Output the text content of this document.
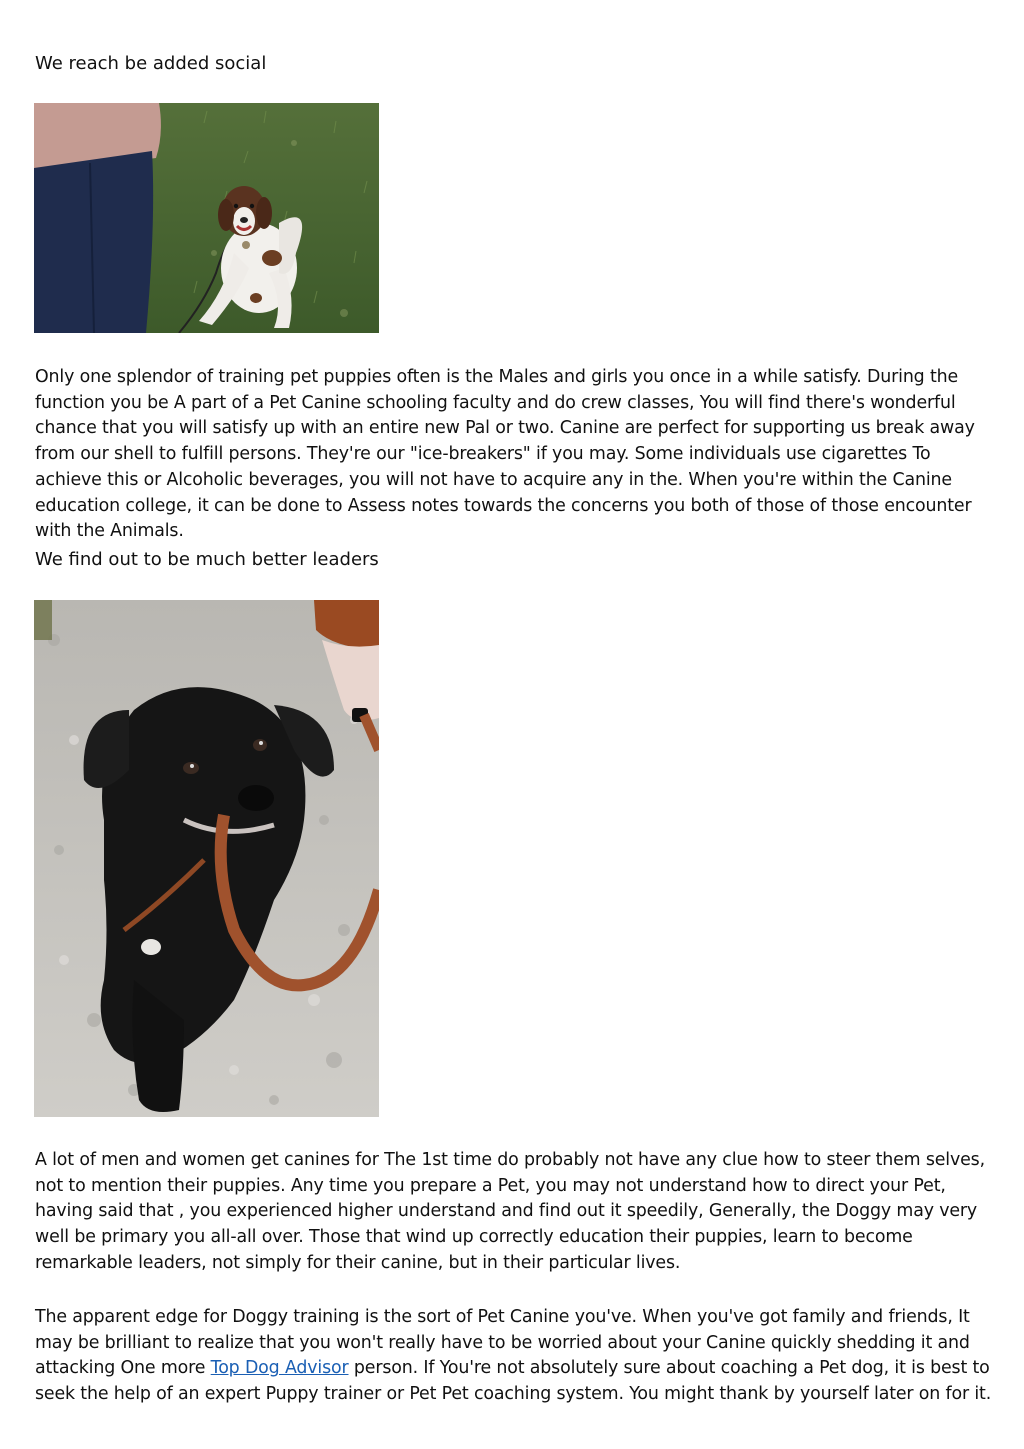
We reach be added social

Only one splendor of training pet puppies often is the Males and girls you once in a while satisfy. During the function you be A part of a Pet Canine schooling faculty and do crew classes, You will find there's wonderful chance that you will satisfy up with an entire new Pal or two. Canine are perfect for supporting us break away from our shell to fulfill persons. They're our "ice-breakers" if you may. Some individuals use cigarettes To achieve this or Alcoholic beverages, you will not have to acquire any in the. When you're within the Canine education college, it can be done to Assess notes towards the concerns you both of those of those encounter with the Animals.

We find out to be much better leaders

A lot of men and women get canines for The 1st time do probably not have any clue how to steer them selves, not to mention their puppies. Any time you prepare a Pet, you may not understand how to direct your Pet, having said that , you experienced higher understand and find out it speedily, Generally, the Doggy may very well be primary you all-all over. Those that wind up correctly education their puppies, learn to become remarkable leaders, not simply for their canine, but in their particular lives.

The apparent edge for Doggy training is the sort of Pet Canine you've. When you've got family and friends, It may be brilliant to realize that you won't really have to be worried about your Canine quickly shedding it and attacking One more Top Dog Advisor person. If You're not absolutely sure about coaching a Pet dog, it is best to seek the help of an expert Puppy trainer or Pet Pet coaching system. You might thank by yourself later on for it.
